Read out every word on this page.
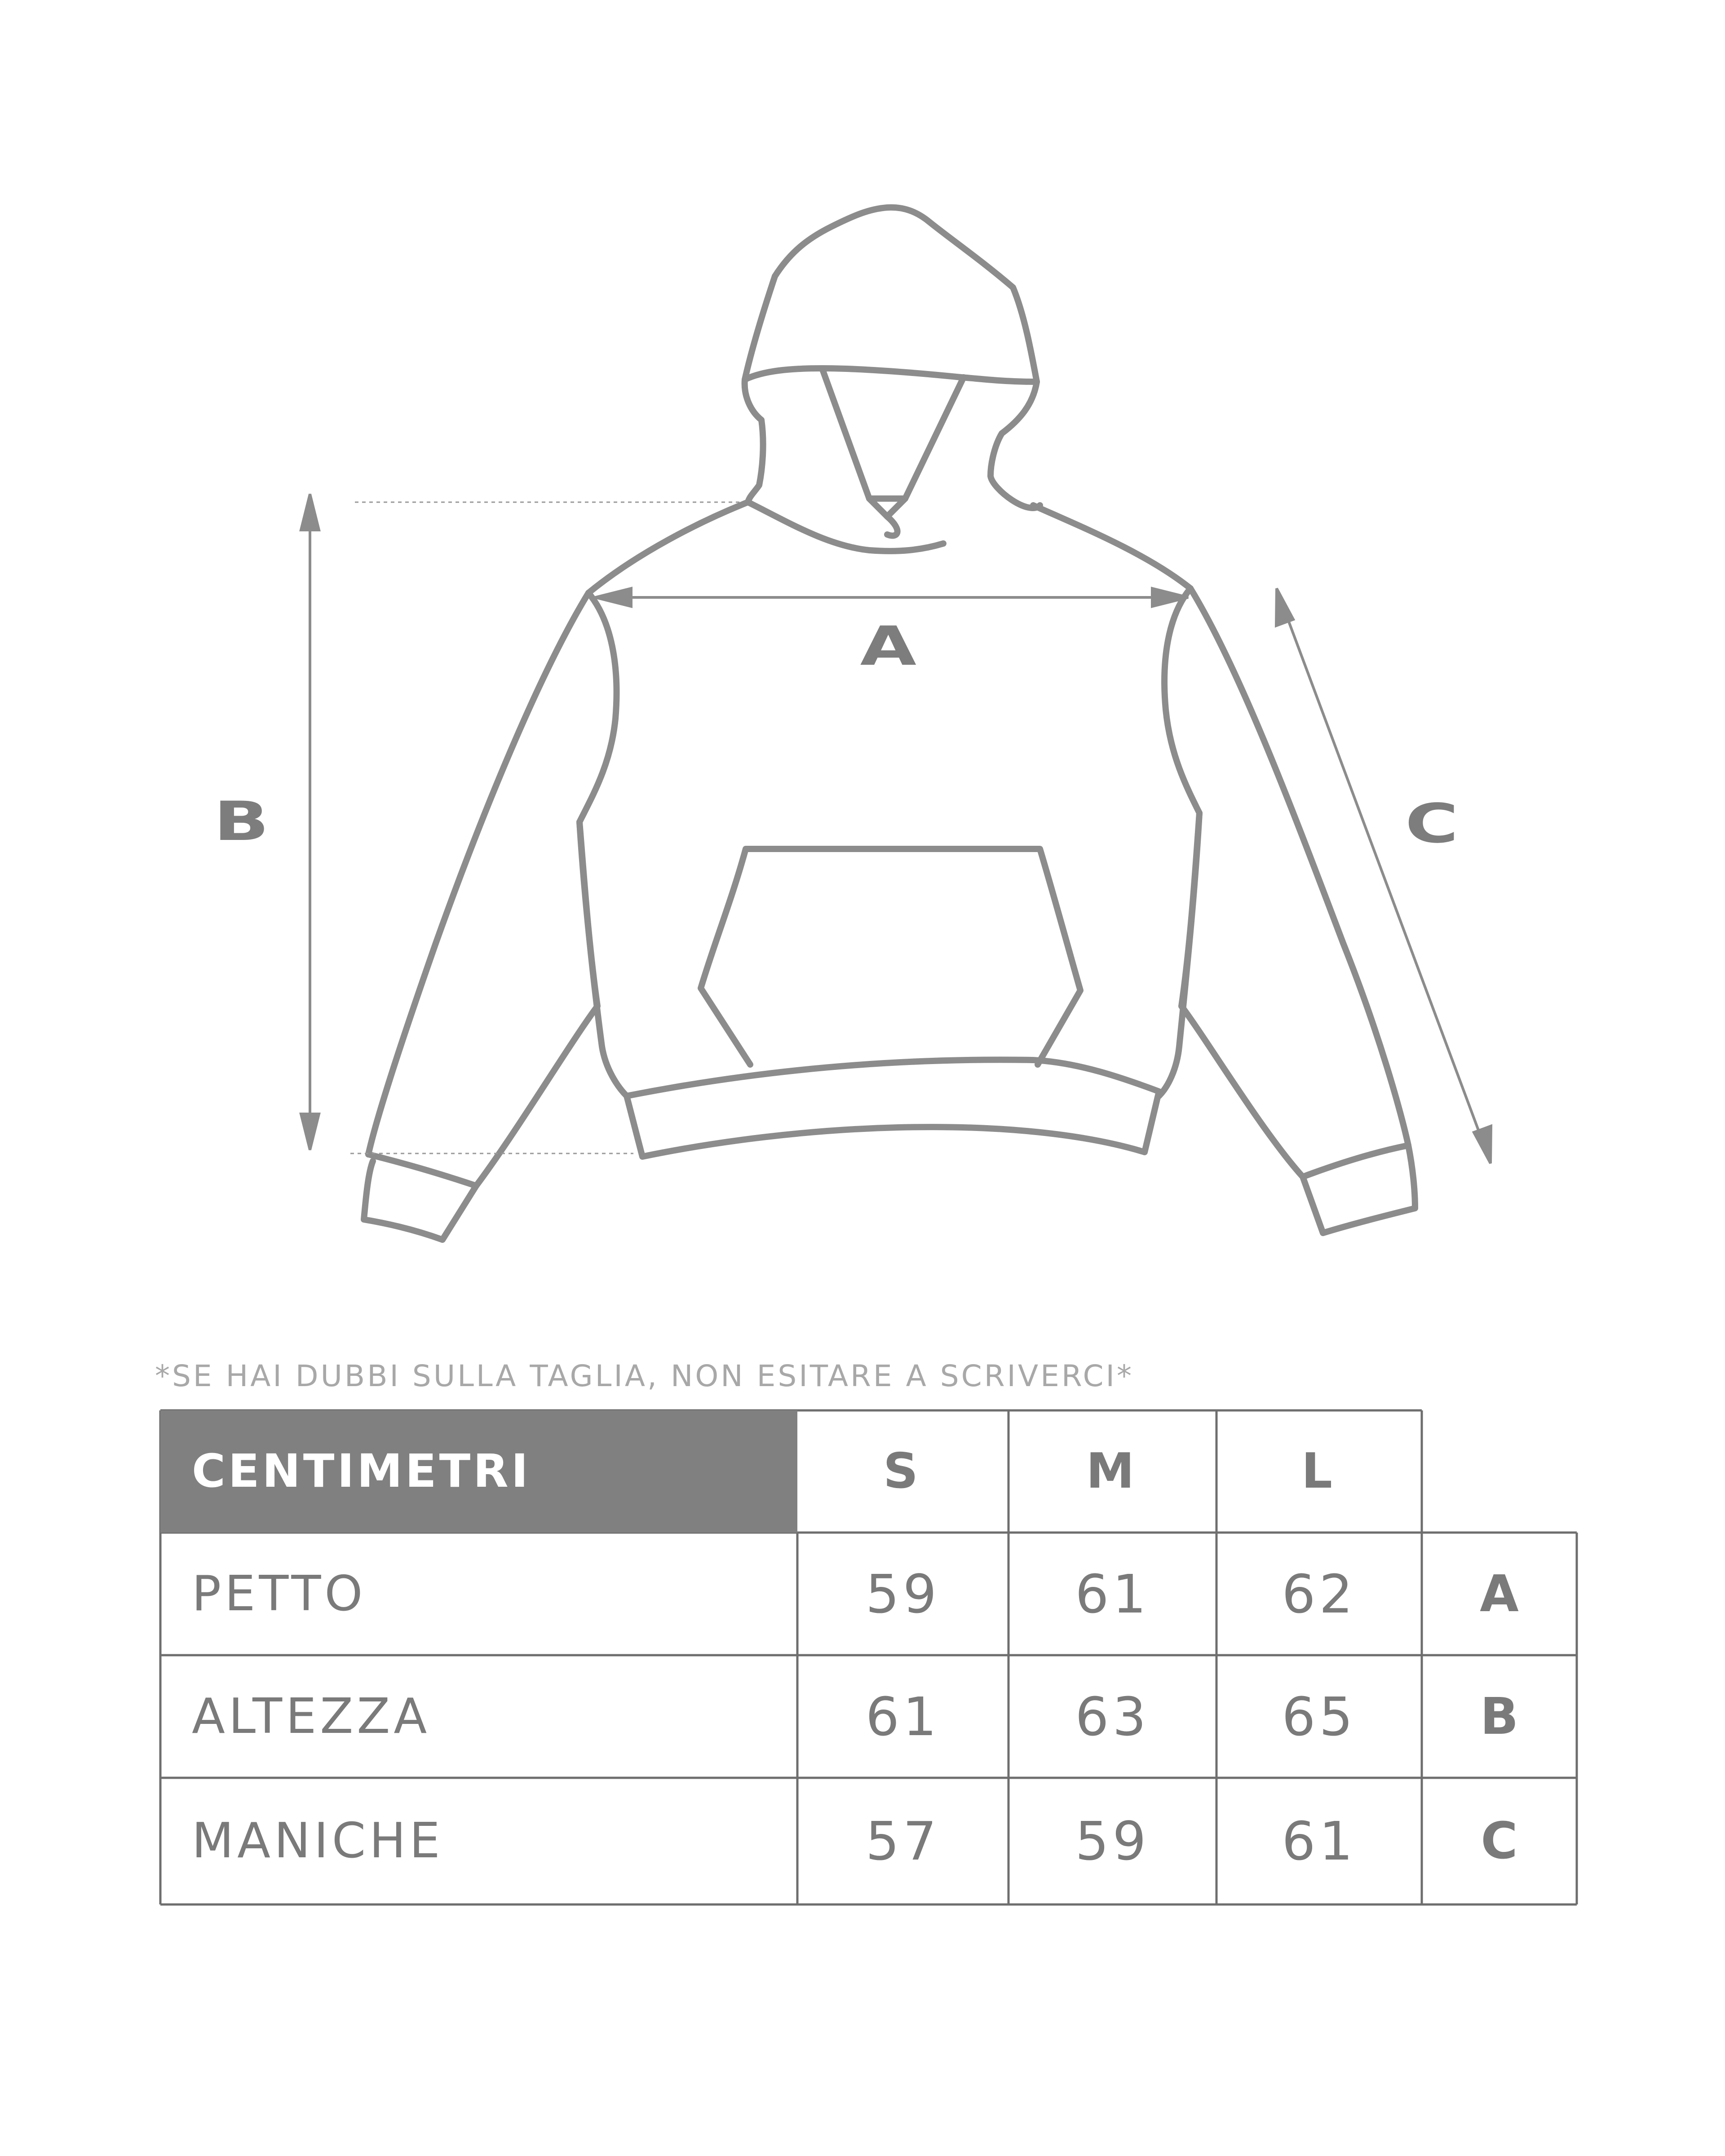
A
B	C
*SE HAI DUBBI SULLA TAGLIA, NON ESITARE A SCRIVERCI*
CENTIMETRI	S	M	L
PETTO	59	61	62	A
ALTEZZA	61	63	65	B
MANICHE	57	59	61	C
